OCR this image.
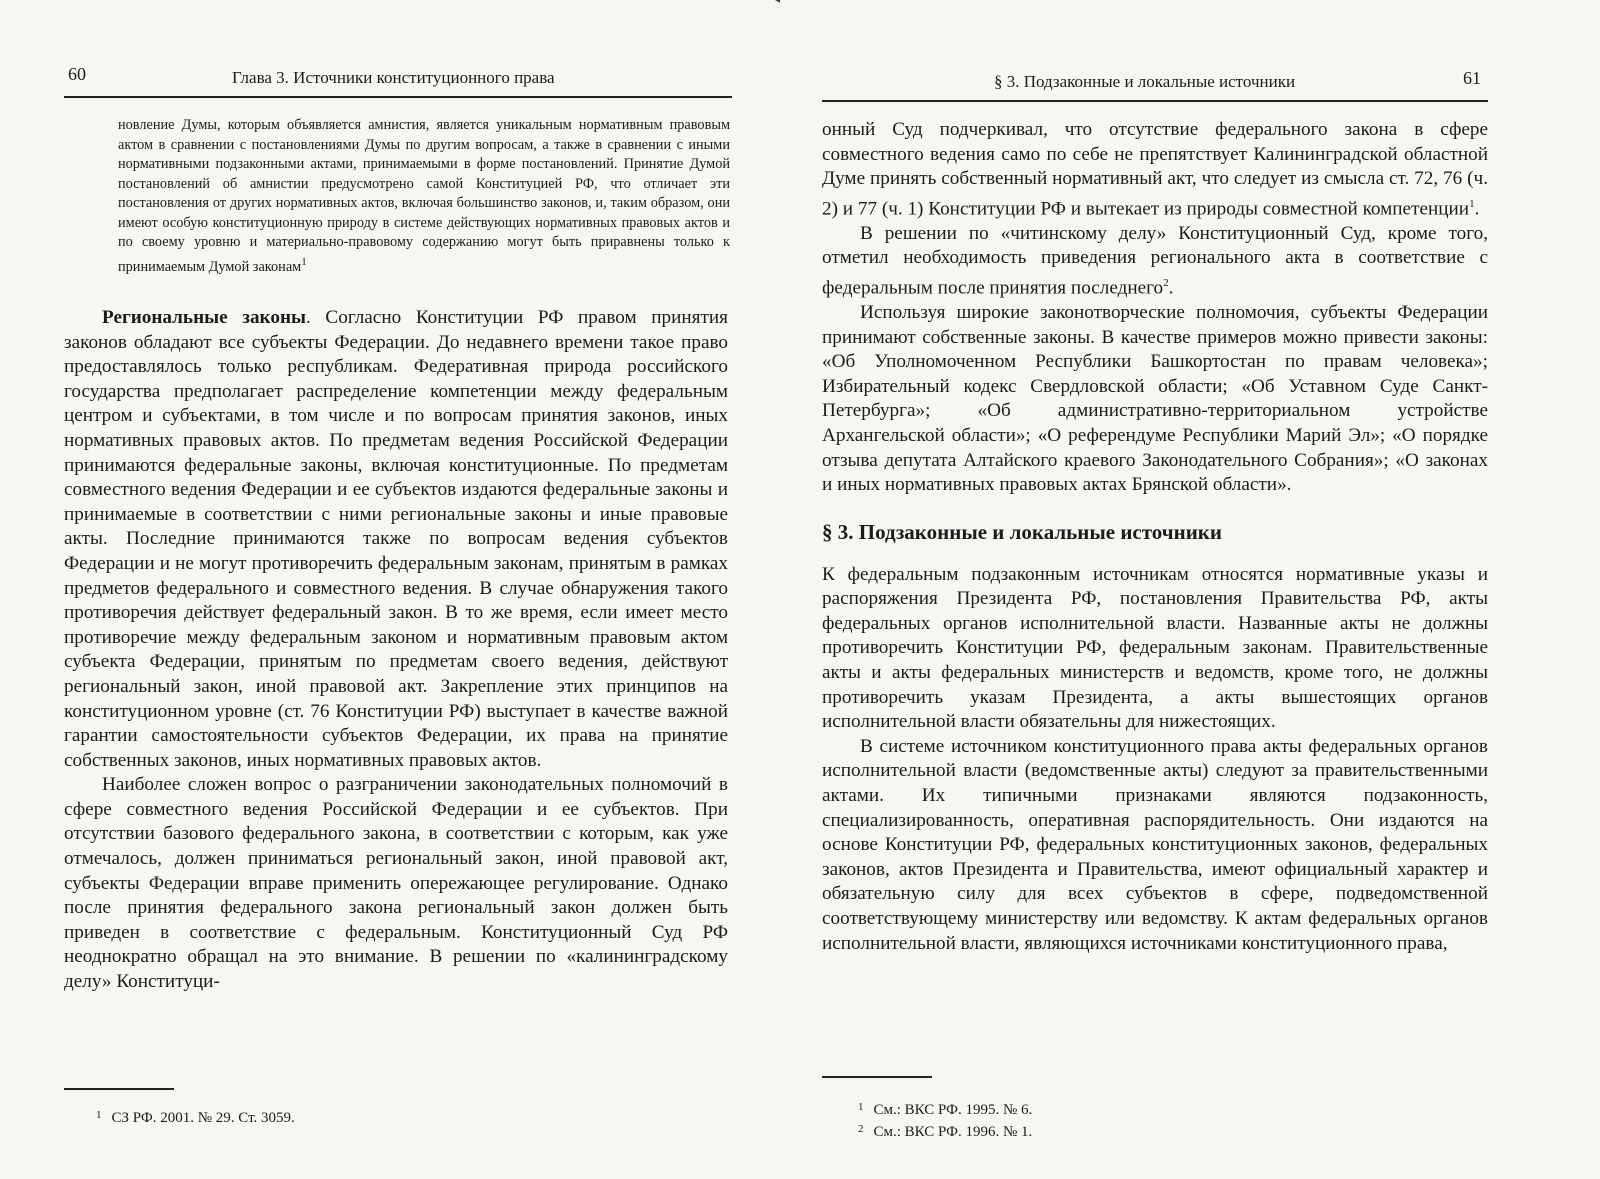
60	Глава 3. Источники конституционного права

новление Думы, которым объявляется амнистия, является уникальным нормативным правовым актом в сравнении с постановлениями Думы по другим вопросам, а также в сравнении с иными нормативными подзаконными актами, принимаемыми в форме постановлений. Принятие Думой постановлений об амнистии предусмотрено самой Конституцией РФ, что отличает эти постановления от других нормативных актов, включая большинство законов, и, таким образом, они имеют особую конституционную природу в системе действующих нормативных правовых актов и по своему уровню и материально-правовому содержанию могут быть приравнены только к принимаемым Думой законам$^1$

Региональные законы. Согласно Конституции РФ правом принятия законов обладают все субъекты Федерации. До недавнего времени такое право предоставлялось только республикам. Федеративная природа российского государства предполагает распределение компетенции между федеральным центром и субъектами, в том числе и по вопросам принятия законов, иных нормативных правовых актов. По предметам ведения Российской Федерации принимаются федеральные законы, включая конституционные. По предметам совместного ведения Федерации и ее субъектов издаются федеральные законы и принимаемые в соответствии с ними региональные законы и иные правовые акты. Последние принимаются также по вопросам ведения субъектов Федерации и не могут противоречить федеральным законам, принятым в рамках предметов федерального и совместного ведения. В случае обнаружения такого противоречия действует федеральный закон. В то же время, если имеет место противоречие между федеральным законом и нормативным правовым актом субъекта Федерации, принятым по предметам своего ведения, действуют региональный закон, иной правовой акт. Закрепление этих принципов на конституционном уровне (ст. 76 Конституции РФ) выступает в качестве важной гарантии самостоятельности субъектов Федерации, их права на принятие собственных законов, иных нормативных правовых актов.

Наиболее сложен вопрос о разграничении законодательных полномочий в сфере совместного ведения Российской Федерации и ее субъектов. При отсутствии базового федерального закона, в соответствии с которым, как уже отмечалось, должен приниматься региональный закон, иной правовой акт, субъекты Федерации вправе применить опережающее регулирование. Однако после принятия федерального закона региональный закон должен быть приведен в соответствие с федеральным. Конституционный Суд РФ неоднократно обращал на это внимание. В решении по «калининградскому делу» Конституци-

$^1$ СЗ РФ. 2001. № 29. Ст. 3059.
§ 3. Подзаконные и локальные источники	61

онный Суд подчеркивал, что отсутствие федерального закона в сфере совместного ведения само по себе не препятствует Калининградской областной Думе принять собственный нормативный акт, что следует из смысла ст. 72, 76 (ч. 2) и 77 (ч. 1) Конституции РФ и вытекает из природы совместной компетенции$^1$.

В решении по «читинскому делу» Конституционный Суд, кроме того, отметил необходимость приведения регионального акта в соответствие с федеральным после принятия последнего$^2$.

Используя широкие законотворческие полномочия, субъекты Федерации принимают собственные законы. В качестве примеров можно привести законы: «Об Уполномоченном Республики Башкортостан по правам человека»; Избирательный кодекс Свердловской области; «Об Уставном Суде Санкт-Петербурга»; «Об административно-территориальном устройстве Архангельской области»; «О референдуме Республики Марий Эл»; «О порядке отзыва депутата Алтайского краевого Законодательного Собрания»; «О законах и иных нормативных правовых актах Брянской области».

§ 3. Подзаконные и локальные источники

К федеральным подзаконным источникам относятся нормативные указы и распоряжения Президента РФ, постановления Правительства РФ, акты федеральных органов исполнительной власти. Названные акты не должны противоречить Конституции РФ, федеральным законам. Правительственные акты и акты федеральных министерств и ведомств, кроме того, не должны противоречить указам Президента, а акты вышестоящих органов исполнительной власти обязательны для нижестоящих.

В системе источником конституционного права акты федеральных органов исполнительной власти (ведомственные акты) следуют за правительственными актами. Их типичными признаками являются подзаконность, специализированность, оперативная распорядительность. Они издаются на основе Конституции РФ, федеральных конституционных законов, федеральных законов, актов Президента и Правительства, имеют официальный характер и обязательную силу для всех субъектов в сфере, подведомственной соответствующему министерству или ведомству. К актам федеральных органов исполнительной власти, являющихся источниками конституционного права,

$^1$ См.: ВКС РФ. 1995. № 6.
$^2$ См.: ВКС РФ. 1996. № 1.
